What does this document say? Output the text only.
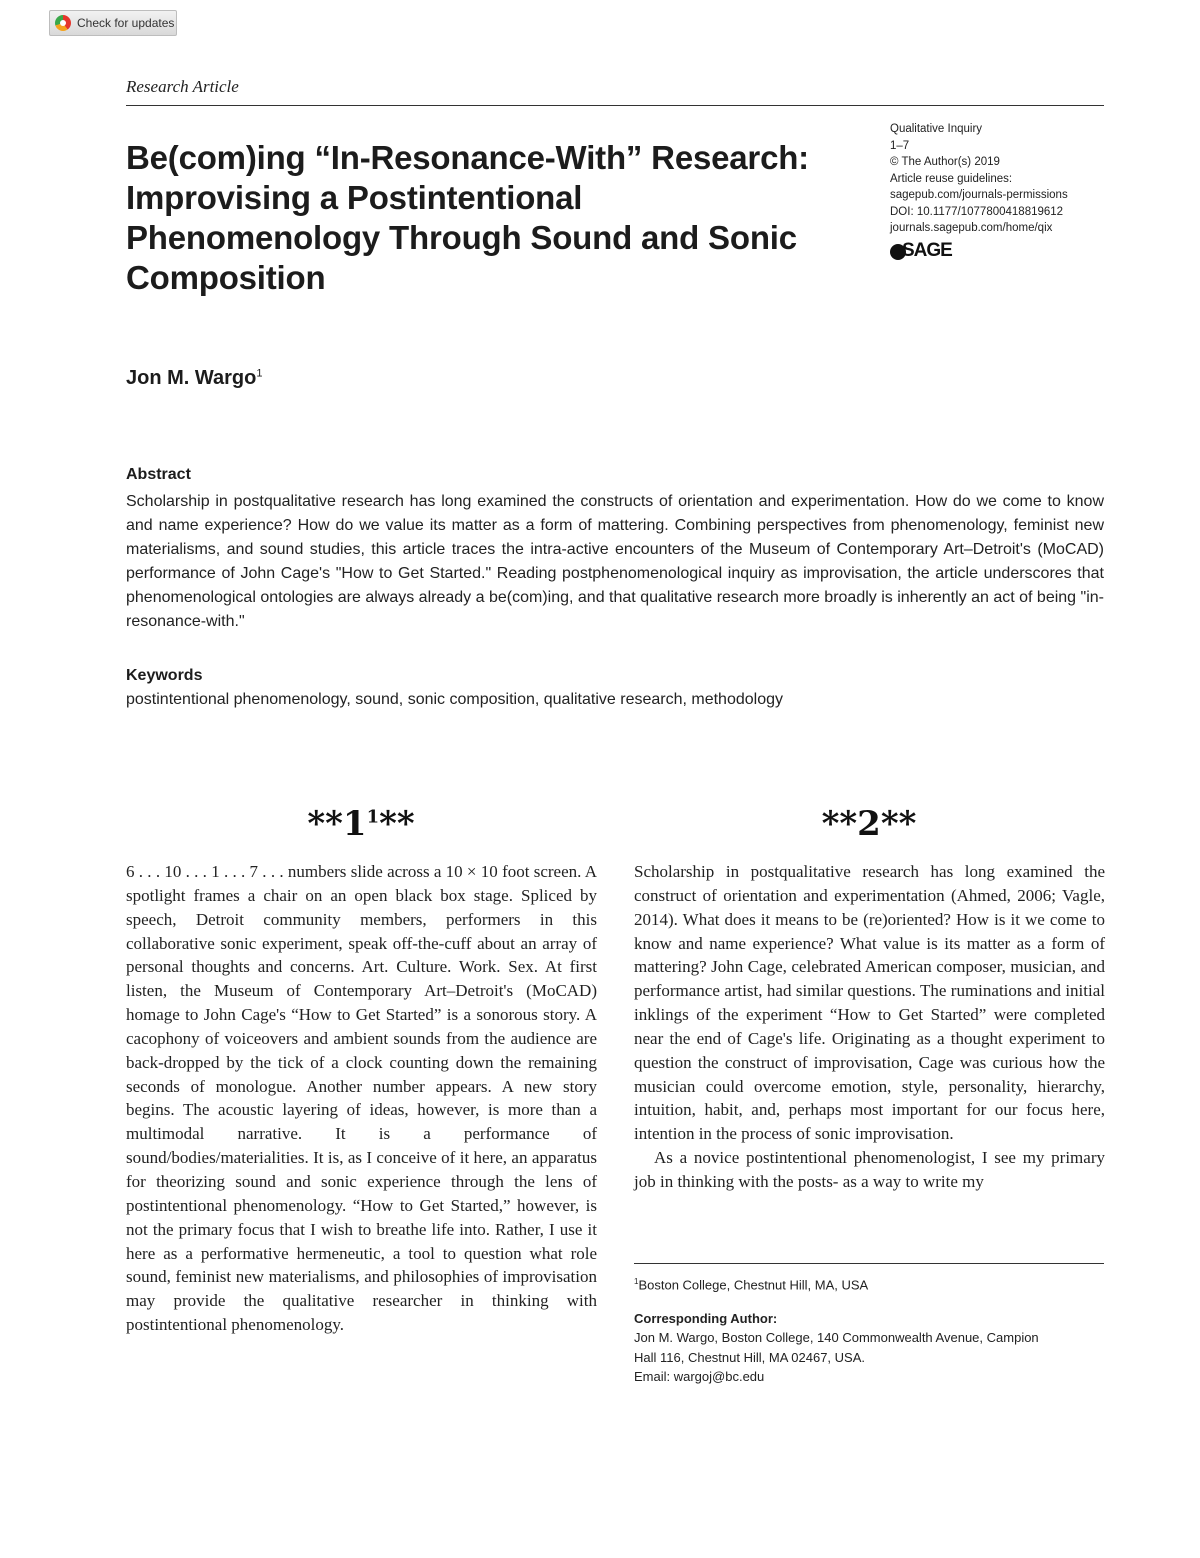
Check for updates
Research Article
Be(com)ing “In-Resonance-With” Research: Improvising a Postintentional Phenomenology Through Sound and Sonic Composition
Qualitative Inquiry
1–7
© The Author(s) 2019
Article reuse guidelines:
sagepub.com/journals-permissions
DOI: 10.1177/1077800418819612
journals.sagepub.com/home/qix
SAGE
Jon M. Wargo$^1$
Abstract

Scholarship in postqualitative research has long examined the constructs of orientation and experimentation. How do we come to know and name experience? How do we value its matter as a form of mattering. Combining perspectives from phenomenology, feminist new materialisms, and sound studies, this article traces the intra-active encounters of the Museum of Contemporary Art–Detroit's (MoCAD) performance of John Cage's "How to Get Started." Reading postphenomenological inquiry as improvisation, the article underscores that phenomenological ontologies are always already a be(com)ing, and that qualitative research more broadly is inherently an act of being "in-resonance-with."

Keywords
postintentional phenomenology, sound, sonic composition, qualitative research, methodology
$**1^1**$	**2**

6 . . . 10 . . . 1 . . . 7 . . . numbers slide across a 10 × 10 foot screen. A spotlight frames a chair on an open black box stage. Spliced by speech, Detroit community members, performers in this collaborative sonic experiment, speak off-the-cuff about an array of personal thoughts and concerns. Art. Culture. Work. Sex. At first listen, the Museum of Contemporary Art–Detroit's (MoCAD) homage to John Cage's “How to Get Started” is a sonorous story. A cacophony of voiceovers and ambient sounds from the audience are back-dropped by the tick of a clock counting down the remaining seconds of monologue. Another number appears. A new story begins. The acoustic layering of ideas, however, is more than a multimodal narrative. It is a performance of sound/bodies/materialities. It is, as I conceive of it here, an apparatus for theorizing sound and sonic experience through the lens of postintentional phenomenology. “How to Get Started,” however, is not the primary focus that I wish to breathe life into. Rather, I use it here as a performative hermeneutic, a tool to question what role sound, feminist new materialisms, and philosophies of improvisation may provide the qualitative researcher in thinking with postintentional phenomenology.

Scholarship in postqualitative research has long examined the construct of orientation and experimentation (Ahmed, 2006; Vagle, 2014). What does it means to be (re)oriented? How is it we come to know and name experience? What value is its matter as a form of mattering? John Cage, celebrated American composer, musician, and performance artist, had similar questions. The ruminations and initial inklings of the experiment “How to Get Started” were completed near the end of Cage's life. Originating as a thought experiment to question the construct of improvisation, Cage was curious how the musician could overcome emotion, style, personality, hierarchy, intuition, habit, and, perhaps most important for our focus here, intention in the process of sonic improvisation.

As a novice postintentional phenomenologist, I see my primary job in thinking with the posts- as a way to write my

$^1$Boston College, Chestnut Hill, MA, USA
Corresponding Author:
Jon M. Wargo, Boston College, 140 Commonwealth Avenue, Campion
Hall 116, Chestnut Hill, MA 02467, USA.
Email: wargoj@bc.edu
